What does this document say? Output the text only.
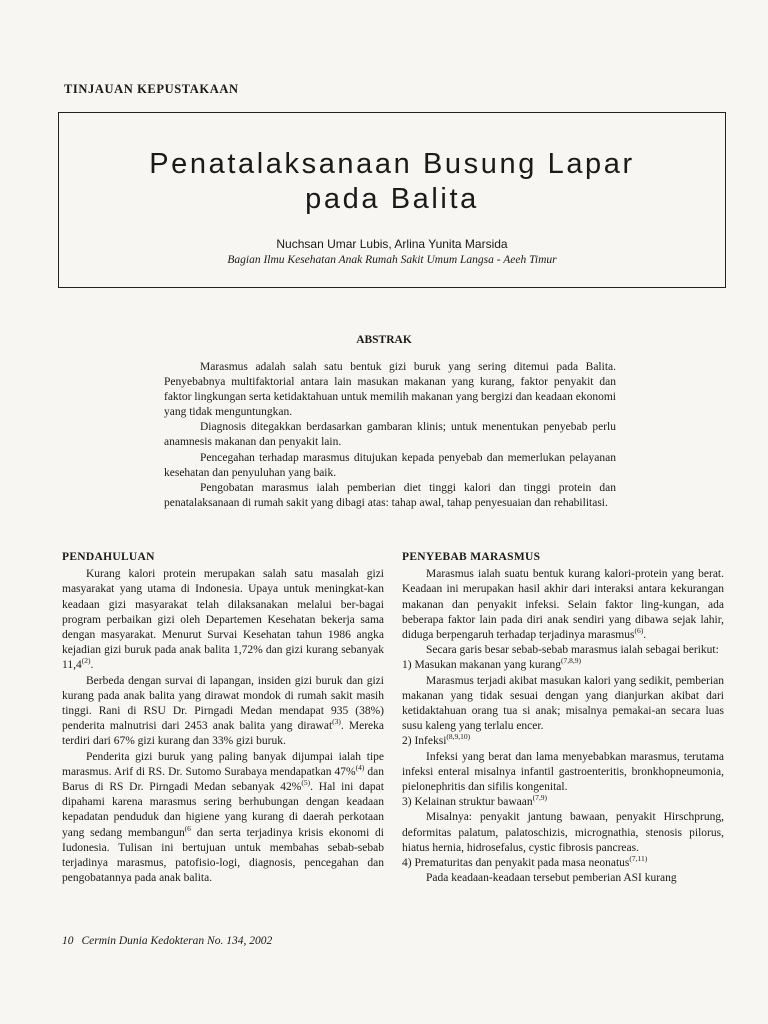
TINJAUAN KEPUSTAKAAN
Penatalaksanaan Busung Lapar
pada Balita
Nuchsan Umar Lubis, Arlina Yunita Marsida
Bagian Ilmu Kesehatan Anak Rumah Sakit Umum Langsa - Aeeh Timur
ABSTRAK

Marasmus adalah salah satu bentuk gizi buruk yang sering ditemui pada Balita. Penyebabnya multifaktorial antara lain masukan makanan yang kurang, faktor penyakit dan faktor lingkungan serta ketidaktahuan untuk memilih makanan yang bergizi dan keadaan ekonomi yang tidak menguntungkan.

Diagnosis ditegakkan berdasarkan gambaran klinis; untuk menentukan penyebab perlu anamnesis makanan dan penyakit lain.

Pencegahan terhadap marasmus ditujukan kepada penyebab dan memerlukan pelayanan kesehatan dan penyuluhan yang baik.

Pengobatan marasmus ialah pemberian diet tinggi kalori dan tinggi protein dan penatalaksanaan di rumah sakit yang dibagi atas: tahap awal, tahap penyesuaian dan rehabilitasi.

PENDAHULUAN

Kurang kalori protein merupakan salah satu masalah gizi masyarakat yang utama di Indonesia. Upaya untuk meningkat-kan keadaan gizi masyarakat telah dilaksanakan melalui ber-bagai program perbaikan gizi oleh Departemen Kesehatan bekerja sama dengan masyarakat. Menurut Survai Kesehatan tahun 1986 angka kejadian gizi buruk pada anak balita 1,72% dan gizi kurang sebanyak 11,4$^{(2)}$.

Berbeda dengan survai di lapangan, insiden gizi buruk dan gizi kurang pada anak balita yang dirawat mondok di rumah sakit masih tinggi. Rani di RSU Dr. Pirngadi Medan mendapat 935 (38%) penderita malnutrisi dari 2453 anak balita yang dirawat$^{(3)}$. Mereka terdiri dari 67% gizi kurang dan 33% gizi buruk.

Penderita gizi buruk yang paling banyak dijumpai ialah tipe marasmus. Arif di RS. Dr. Sutomo Surabaya mendapatkan 47%$^{(4)}$ dan Barus di RS Dr. Pirngadi Medan sebanyak 42%$^{(5)}$. Hal ini dapat dipahami karena marasmus sering berhubungan dengan keadaan kepadatan penduduk dan higiene yang kurang di daerah perkotaan yang sedang membangun$^{(6}$ dan serta terjadinya krisis ekonomi di Iudonesia. Tulisan ini bertujuan untuk membahas sebab-sebab terjadinya marasmus, patofisio-logi, diagnosis, pencegahan dan pengobatannya pada anak balita.

PENYEBAB MARASMUS

Marasmus ialah suatu bentuk kurang kalori-protein yang berat. Keadaan ini merupakan hasil akhir dari interaksi antara kekurangan makanan dan penyakit infeksi. Selain faktor ling-kungan, ada beberapa faktor lain pada diri anak sendiri yang dibawa sejak lahir, diduga berpengaruh terhadap terjadinya marasmus$^{(6)}$.

Secara garis besar sebab-sebab marasmus ialah sebagai berikut:

1) Masukan makanan yang kurang$^{(7,8,9)}$

Marasmus terjadi akibat masukan kalori yang sedikit, pemberian makanan yang tidak sesuai dengan yang dianjurkan akibat dari ketidaktahuan orang tua si anak; misalnya pemakai-an secara luas susu kaleng yang terlalu encer.

2) Infeksi$^{(8,9,10)}$

Infeksi yang berat dan lama menyebabkan marasmus, terutama infeksi enteral misalnya infantil gastroenteritis, bronkhopneumonia, pielonephritis dan sifilis kongenital.

3) Kelainan struktur bawaan$^{(7,9)}$

Misalnya: penyakit jantung bawaan, penyakit Hirschprung, deformitas palatum, palatoschizis, micrognathia, stenosis pilorus, hiatus hernia, hidrosefalus, cystic fibrosis pancreas.

4) Prematuritas dan penyakit pada masa neonatus$^{(7,11)}$

Pada keadaan-keadaan tersebut pemberian ASI kurang

10 Cermin Dunia Kedokteran No. 134, 2002
